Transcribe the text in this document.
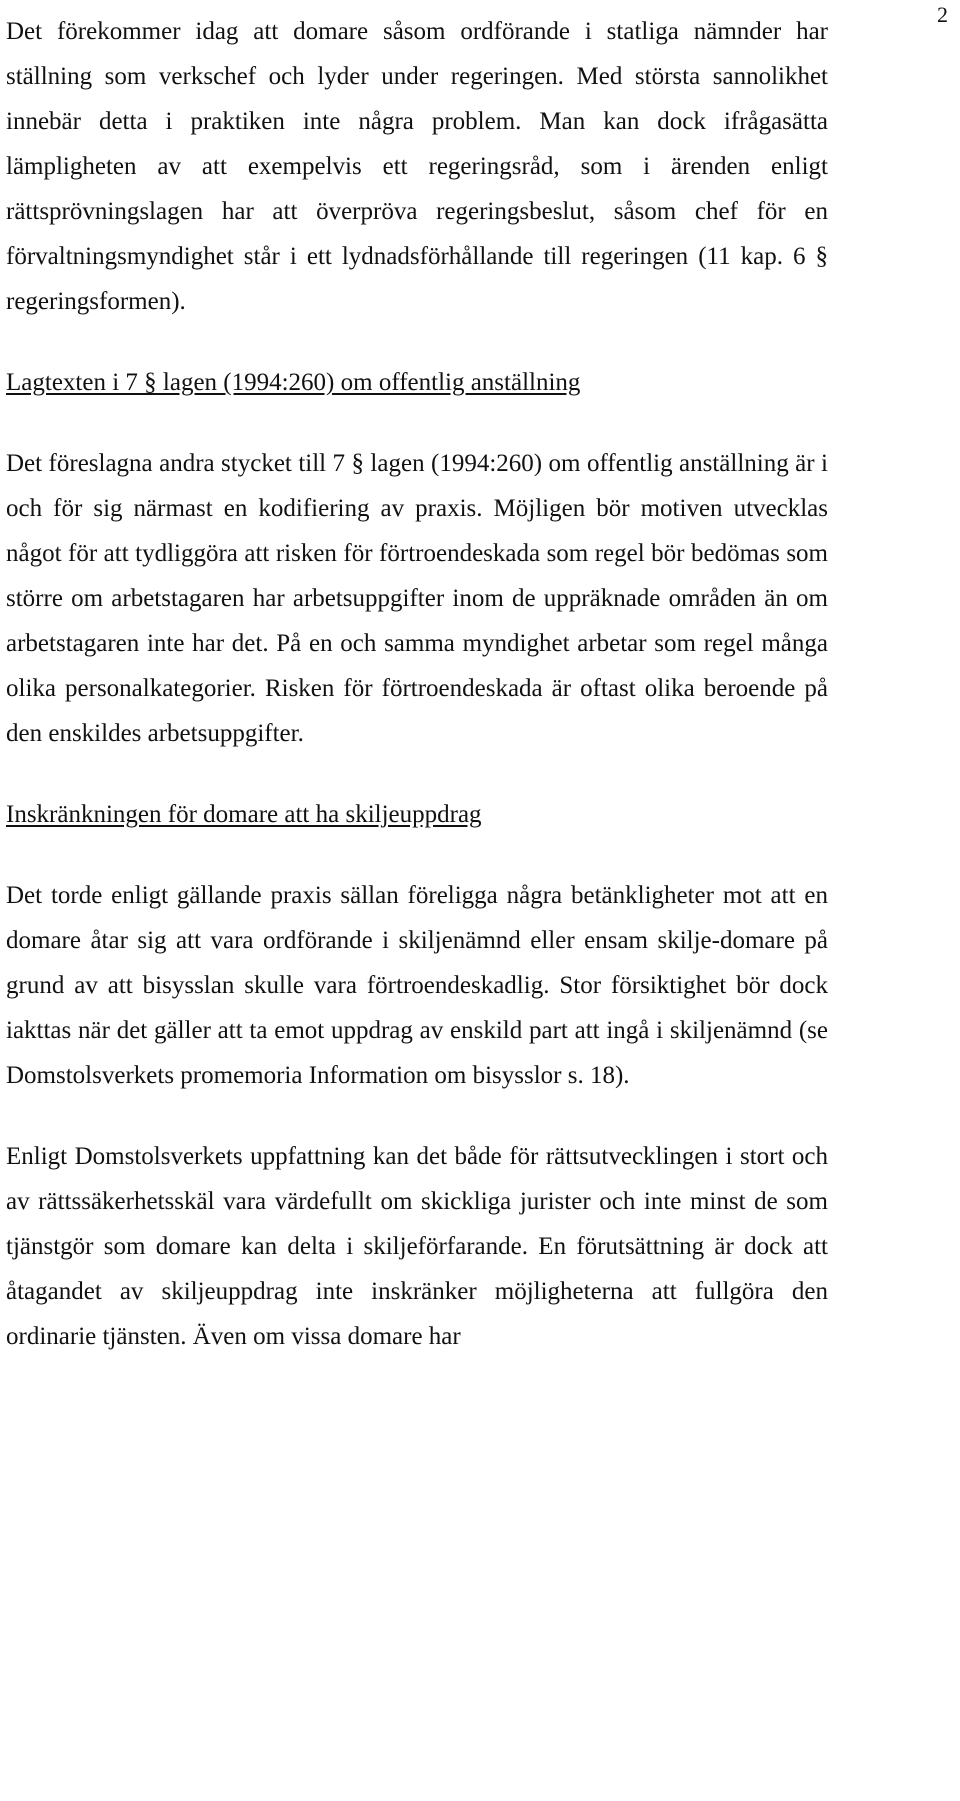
2

Det förekommer idag att domare såsom ordförande i statliga nämnder har ställning som verkschef och lyder under regeringen. Med största sannolikhet innebär detta i praktiken inte några problem. Man kan dock ifrågasätta lämpligheten av att exempelvis ett regeringsråd, som i ärenden enligt rättsprövningslagen har att överpröva regeringsbeslut, såsom chef för en förvaltningsmyndighet står i ett lydnadsförhållande till regeringen (11 kap. 6 § regeringsformen).

Lagtexten i 7 § lagen (1994:260) om offentlig anställning

Det föreslagna andra stycket till 7 § lagen (1994:260) om offentlig anställning är i och för sig närmast en kodifiering av praxis. Möjligen bör motiven utvecklas något för att tydliggöra att risken för förtroendeskada som regel bör bedömas som större om arbetstagaren har arbetsuppgifter inom de uppräknade områden än om arbetstagaren inte har det. På en och samma myndighet arbetar som regel många olika personalkategorier. Risken för förtroendeskada är oftast olika beroende på den enskildes arbetsuppgifter.

Inskränkningen för domare att ha skiljeuppdrag

Det torde enligt gällande praxis sällan föreligga några betänkligheter mot att en domare åtar sig att vara ordförande i skiljenämnd eller ensam skilje-domare på grund av att bisysslan skulle vara förtroendeskadlig. Stor försiktighet bör dock iakttas när det gäller att ta emot uppdrag av enskild part att ingå i skiljenämnd (se Domstolsverkets promemoria Information om bisysslor s. 18).

Enligt Domstolsverkets uppfattning kan det både för rättsutvecklingen i stort och av rättssäkerhetsskäl vara värdefullt om skickliga jurister och inte minst de som tjänstgör som domare kan delta i skiljeförfarande. En förutsättning är dock att åtagandet av skiljeuppdrag inte inskränker möjligheterna att fullgöra den ordinarie tjänsten. Även om vissa domare har
